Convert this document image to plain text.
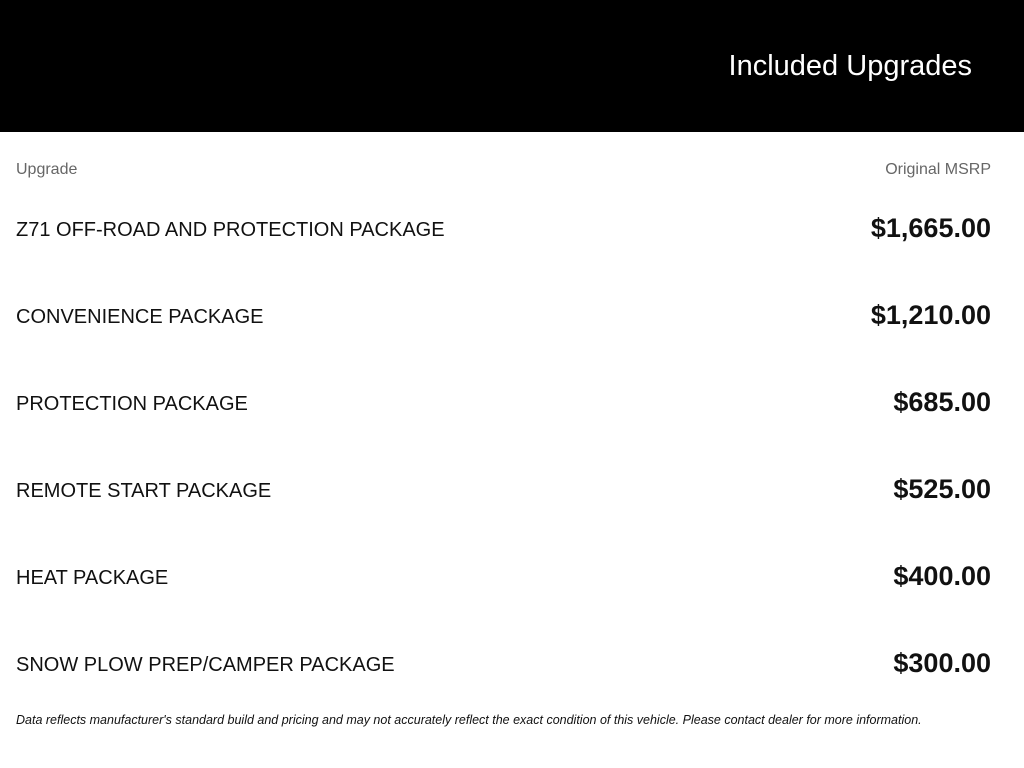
Included Upgrades
Upgrade	Original MSRP
Z71 OFF-ROAD AND PROTECTION PACKAGE	$1,665.00
CONVENIENCE PACKAGE	$1,210.00
PROTECTION PACKAGE	$685.00
REMOTE START PACKAGE	$525.00
HEAT PACKAGE	$400.00
SNOW PLOW PREP/CAMPER PACKAGE	$300.00

Data reflects manufacturer's standard build and pricing and may not accurately reflect the exact condition of this vehicle. Please contact dealer for more information.
